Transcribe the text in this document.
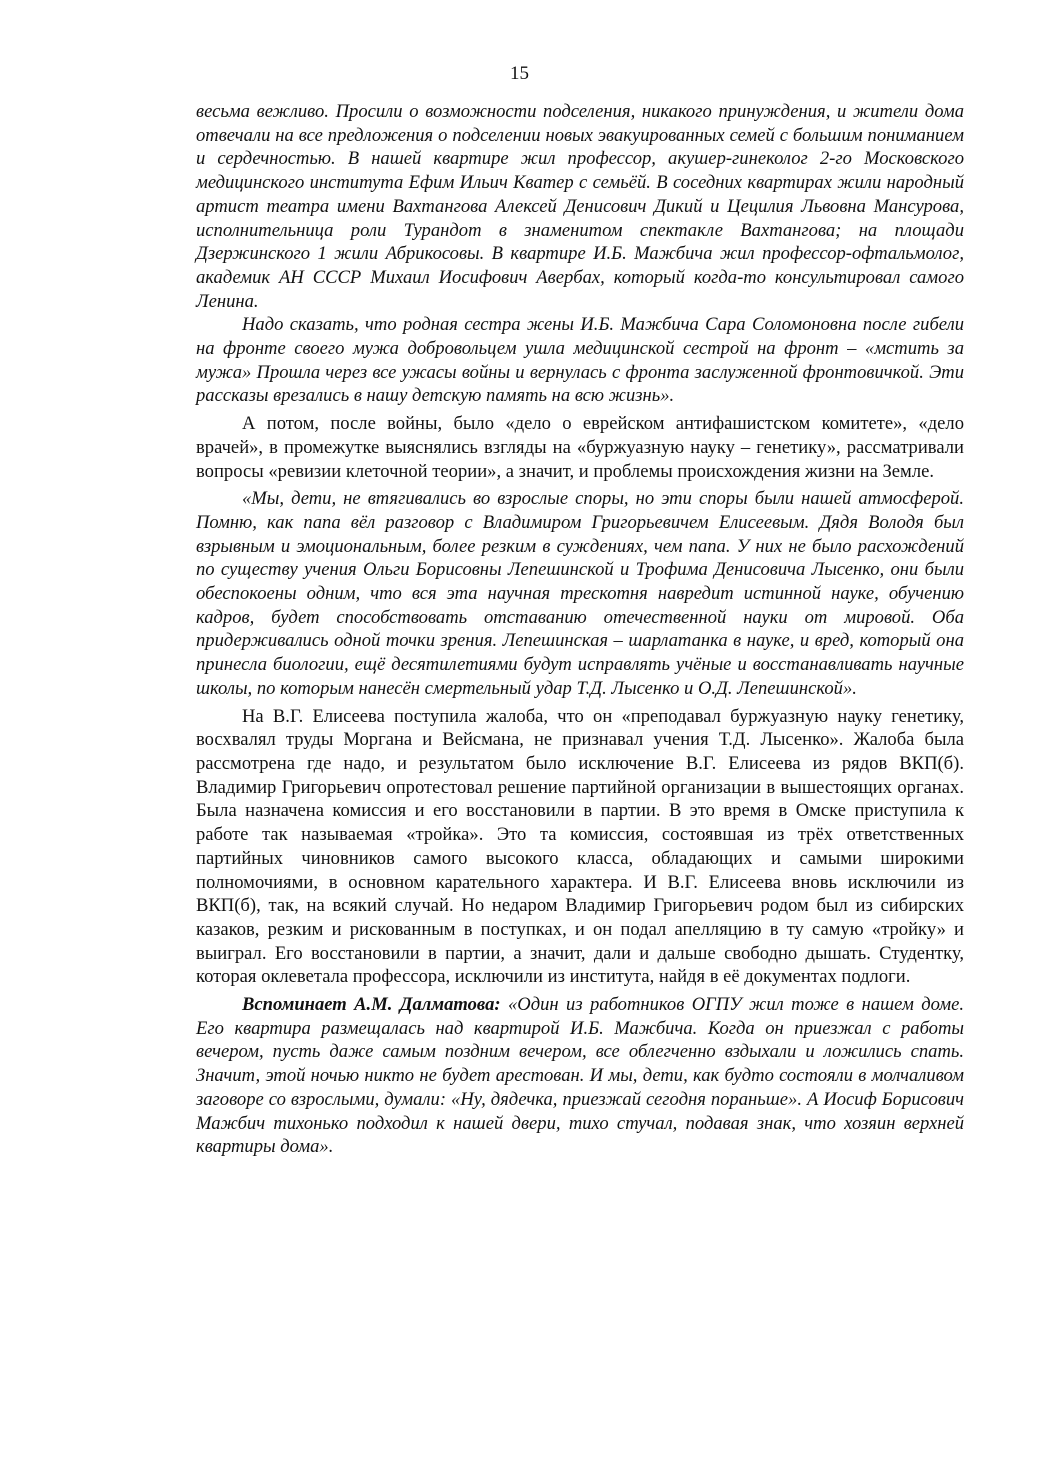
15

весьма вежливо. Просили о возможности подселения, никакого принуждения, и жители дома отвечали на все предложения о подселении новых эвакуированных семей с большим пониманием и сердечностью. В нашей квартире жил профессор, акушер-гинеколог 2-го Московского медицинского института Ефим Ильич Кватер с семьёй. В соседних квартирах жили народный артист театра имени Вахтангова Алексей Денисович Дикий и Цецилия Львовна Мансурова, исполнительница роли Турандот в знаменитом спектакле Вахтангова; на площади Дзержинского 1 жили Абрикосовы. В квартире И.Б. Мажбича жил профессор-офтальмолог, академик АН СССР Михаил Иосифович Авербах, который когда-то консультировал самого Ленина.

Надо сказать, что родная сестра жены И.Б. Мажбича Сара Соломоновна после гибели на фронте своего мужа добровольцем ушла медицинской сестрой на фронт – «мстить за мужа» Прошла через все ужасы войны и вернулась с фронта заслуженной фронтовичкой. Эти рассказы врезались в нашу детскую память на всю жизнь».

А потом, после войны, было «дело о еврейском антифашистском комитете», «дело врачей», в промежутке выяснялись взгляды на «буржуазную науку – генетику», рассматривали вопросы «ревизии клеточной теории», а значит, и проблемы происхождения жизни на Земле.

«Мы, дети, не втягивались во взрослые споры, но эти споры были нашей атмосферой. Помню, как папа вёл разговор с Владимиром Григорьевичем Елисеевым. Дядя Володя был взрывным и эмоциональным, более резким в суждениях, чем папа. У них не было расхождений по существу учения Ольги Борисовны Лепешинской и Трофима Денисовича Лысенко, они были обеспокоены одним, что вся эта научная трескотня навредит истинной науке, обучению кадров, будет способствовать отставанию отечественной науки от мировой. Оба придерживались одной точки зрения. Лепешинская – шарлатанка в науке, и вред, который она принесла биологии, ещё десятилетиями будут исправлять учёные и восстанавливать научные школы, по которым нанесён смертельный удар Т.Д. Лысенко и О.Д. Лепешинской».

На В.Г. Елисеева поступила жалоба, что он «преподавал буржуазную науку генетику, восхвалял труды Моргана и Вейсмана, не признавал учения Т.Д. Лысенко». Жалоба была рассмотрена где надо, и результатом было исключение В.Г. Елисеева из рядов ВКП(б). Владимир Григорьевич опротестовал решение партийной организации в вышестоящих органах. Была назначена комиссия и его восстановили в партии. В это время в Омске приступила к работе так называемая «тройка». Это та комиссия, состоявшая из трёх ответственных партийных чиновников самого высокого класса, обладающих и самыми широкими полномочиями, в основном карательного характера. И В.Г. Елисеева вновь исключили из ВКП(б), так, на всякий случай. Но недаром Владимир Григорьевич родом был из сибирских казаков, резким и рискованным в поступках, и он подал апелляцию в ту самую «тройку» и выиграл. Его восстановили в партии, а значит, дали и дальше свободно дышать. Студентку, которая оклеветала профессора, исключили из института, найдя в её документах подлоги.

Вспоминает А.М. Далматова: «Один из работников ОГПУ жил тоже в нашем доме. Его квартира размещалась над квартирой И.Б. Мажбича. Когда он приезжал с работы вечером, пусть даже самым поздним вечером, все облегченно вздыхали и ложились спать. Значит, этой ночью никто не будет арестован. И мы, дети, как будто состояли в молчаливом заговоре со взрослыми, думали: «Ну, дядечка, приезжай сегодня пораньше». А Иосиф Борисович Мажбич тихонько подходил к нашей двери, тихо стучал, подавая знак, что хозяин верхней квартиры дома».
